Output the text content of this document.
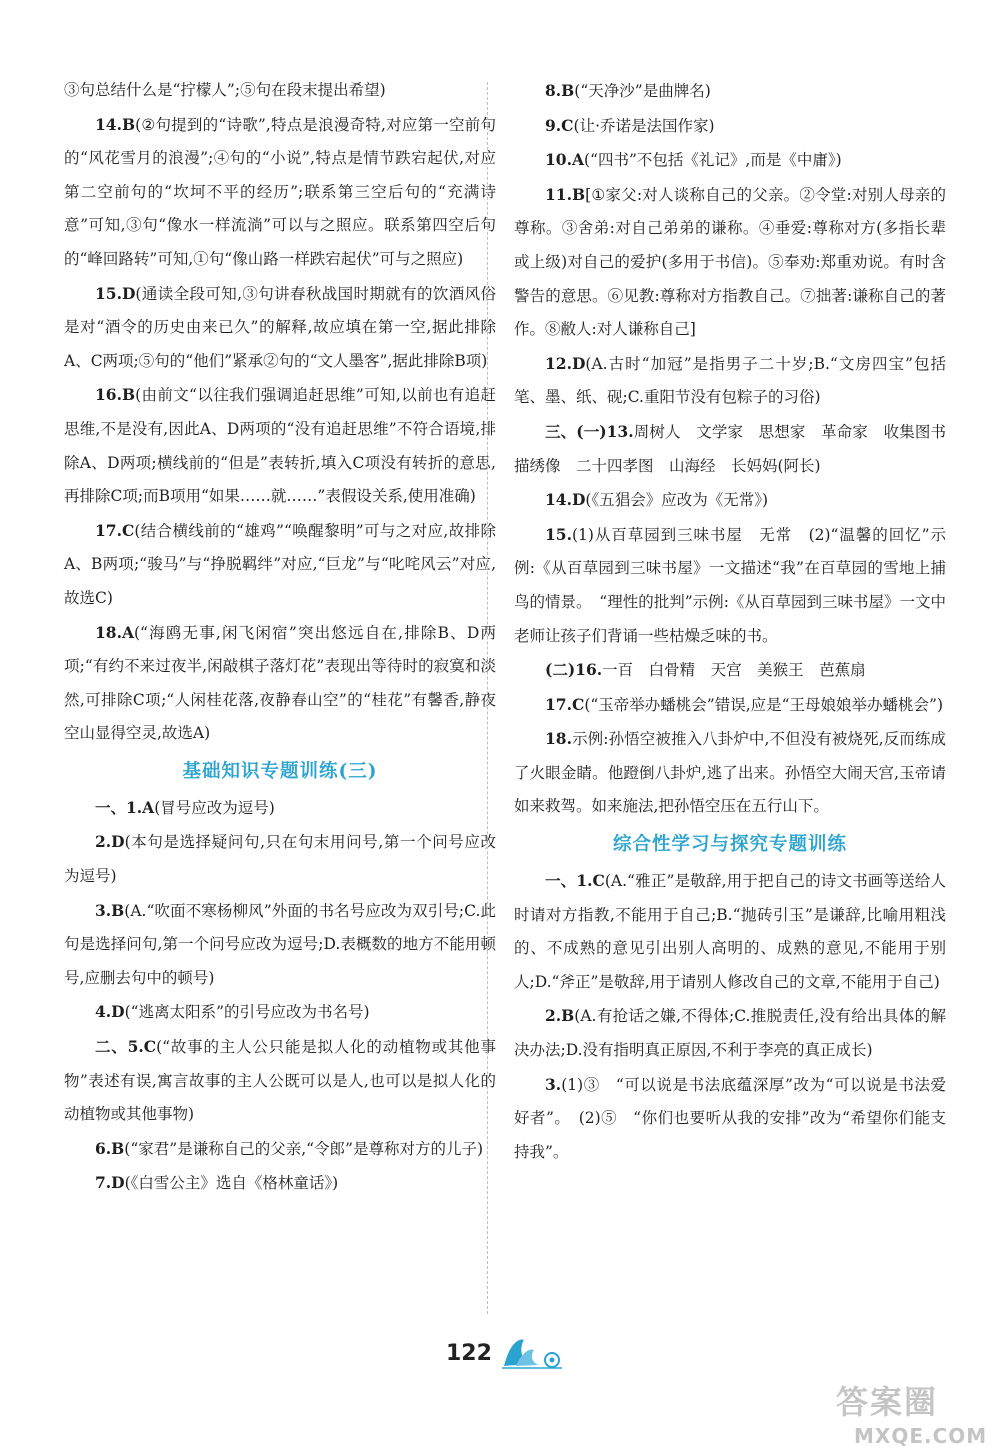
③句总结什么是“拧檬人”;⑤句在段末提出希望)

14.B(②句提到的“诗歌”,特点是浪漫奇特,对应第一空前句的“风花雪月的浪漫”;④句的“小说”,特点是情节跌宕起伏,对应第二空前句的“坎坷不平的经历”;联系第三空后句的“充满诗意”可知,③句“像水一样流淌”可以与之照应。联系第四空后句的“峰回路转”可知,①句“像山路一样跌宕起伏”可与之照应)

15.D(通读全段可知,③句讲春秋战国时期就有的饮酒风俗是对“酒令的历史由来已久”的解释,故应填在第一空,据此排除A、C两项;⑤句的“他们”紧承②句的“文人墨客”,据此排除B项)

16.B(由前文“以往我们强调追赶思维”可知,以前也有追赶思维,不是没有,因此A、D两项的“没有追赶思维”不符合语境,排除A、D两项;横线前的“但是”表转折,填入C项没有转折的意思,再排除C项;而B项用“如果……就……”表假设关系,使用准确)

17.C(结合横线前的“雄鸡”“唤醒黎明”可与之对应,故排除A、B两项;“骏马”与“挣脱羁绊”对应,“巨龙”与“叱咤风云”对应,故选C)

18.A(“海鸥无事,闲飞闲宿”突出悠远自在,排除B、D两项;“有约不来过夜半,闲敲棋子落灯花”表现出等待时的寂寞和淡然,可排除C项;“人闲桂花落,夜静春山空”的“桂花”有馨香,静夜空山显得空灵,故选A)

基础知识专题训练(三)

一、1.A(冒号应改为逗号)

2.D(本句是选择疑问句,只在句末用问号,第一个问号应改为逗号)

3.B(A.“吹面不寒杨柳风”外面的书名号应改为双引号;C.此句是选择问句,第一个问号应改为逗号;D.表概数的地方不能用顿号,应删去句中的顿号)

4.D(“逃离太阳系”的引号应改为书名号)

二、5.C(“故事的主人公只能是拟人化的动植物或其他事物”表述有误,寓言故事的主人公既可以是人,也可以是拟人化的动植物或其他事物)

6.B(“家君”是谦称自己的父亲,“令郎”是尊称对方的儿子)

7.D(《白雪公主》选自《格林童话》)

8.B(“天净沙”是曲牌名)

9.C(让·乔诺是法国作家)

10.A(“四书”不包括《礼记》,而是《中庸》)

11.B[①家父:对人谈称自己的父亲。②令堂:对别人母亲的尊称。③舍弟:对自己弟弟的谦称。④垂爱:尊称对方(多指长辈或上级)对自己的爱护(多用于书信)。⑤奉劝:郑重劝说。有时含警告的意思。⑥见教:尊称对方指教自己。⑦拙著:谦称自己的著作。⑧敝人:对人谦称自己]

12.D(A.古时“加冠”是指男子二十岁;B.“文房四宝”包括笔、墨、纸、砚;C.重阳节没有包粽子的习俗)

三、(一)13.周树人　文学家　思想家　革命家　收集图书　描绣像　二十四孝图　山海经　长妈妈(阿长)

14.D(《五猖会》应改为《无常》)

15.(1)从百草园到三味书屋　无常　(2)“温馨的回忆”示例:《从百草园到三味书屋》一文描述“我”在百草园的雪地上捕鸟的情景。　“理性的批判”示例:《从百草园到三味书屋》一文中老师让孩子们背诵一些枯燥乏味的书。

(二)16.一百　白骨精　天宫　美猴王　芭蕉扇

17.C(“玉帝举办蟠桃会”错误,应是“王母娘娘举办蟠桃会”)

18.示例:孙悟空被推入八卦炉中,不但没有被烧死,反而练成了火眼金睛。他蹬倒八卦炉,逃了出来。孙悟空大闹天宫,玉帝请如来救驾。如来施法,把孙悟空压在五行山下。

综合性学习与探究专题训练

一、1.C(A.“雅正”是敬辞,用于把自己的诗文书画等送给人时请对方指教,不能用于自己;B.“抛砖引玉”是谦辞,比喻用粗浅的、不成熟的意见引出别人高明的、成熟的意见,不能用于别人;D.“斧正”是敬辞,用于请别人修改自己的文章,不能用于自己)

2.B(A.有抢话之嫌,不得体;C.推脱责任,没有给出具体的解决办法;D.没有指明真正原因,不利于李亮的真正成长)

3.(1)③　“可以说是书法底蕴深厚”改为“可以说是书法爱好者”。　(2)⑤　“你们也要听从我的安排”改为“希望你们能支持我”。

122
答案圈
MXQE.COM
